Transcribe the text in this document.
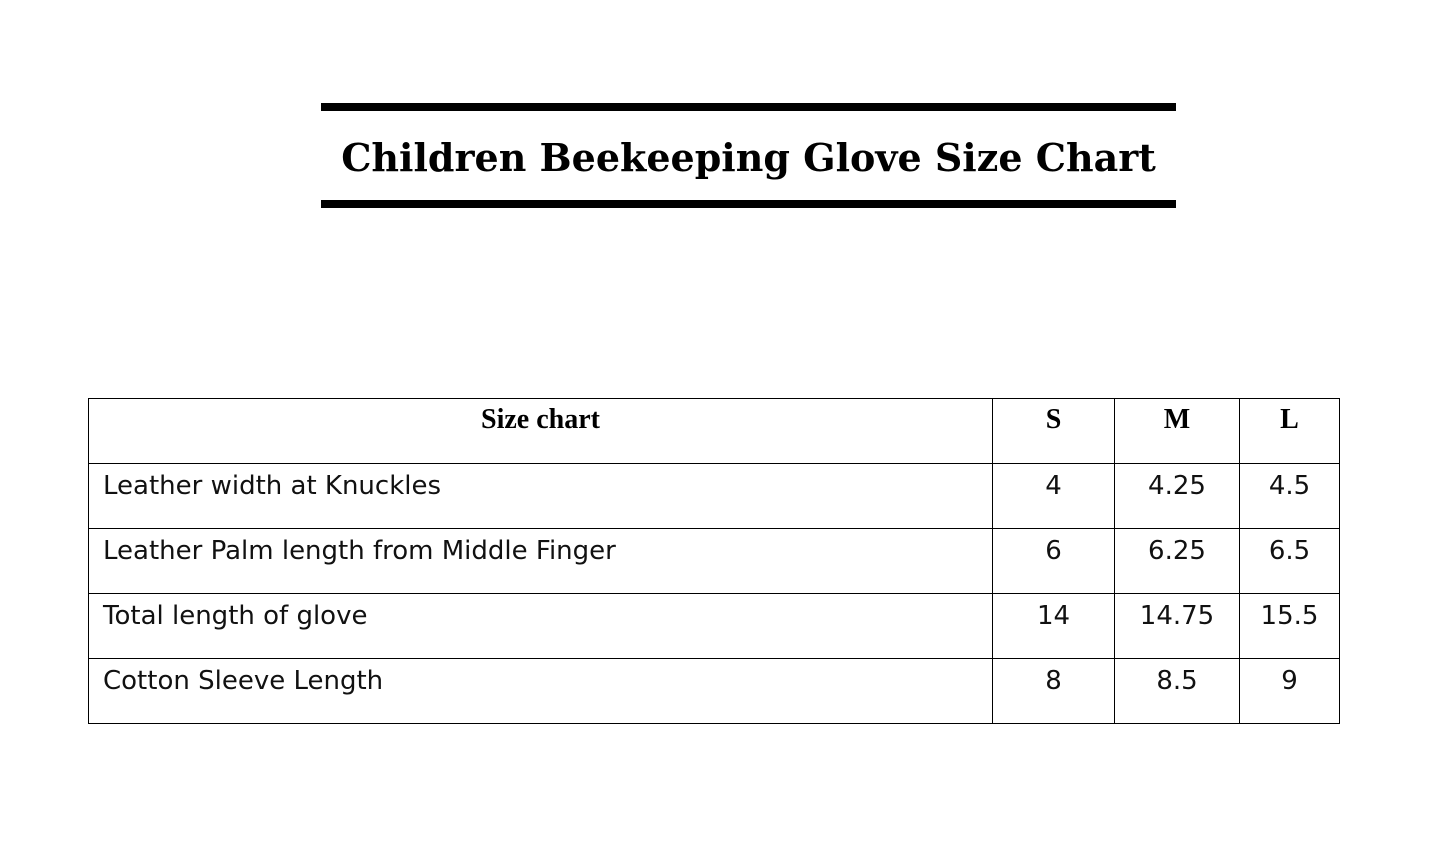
Children Beekeeping Glove Size Chart
Size chart	S	M	L
Leather width at Knuckles	4	4.25	4.5
Leather Palm length from Middle Finger	6	6.25	6.5
Total length of glove	14	14.75	15.5
Cotton Sleeve Length	8	8.5	9
